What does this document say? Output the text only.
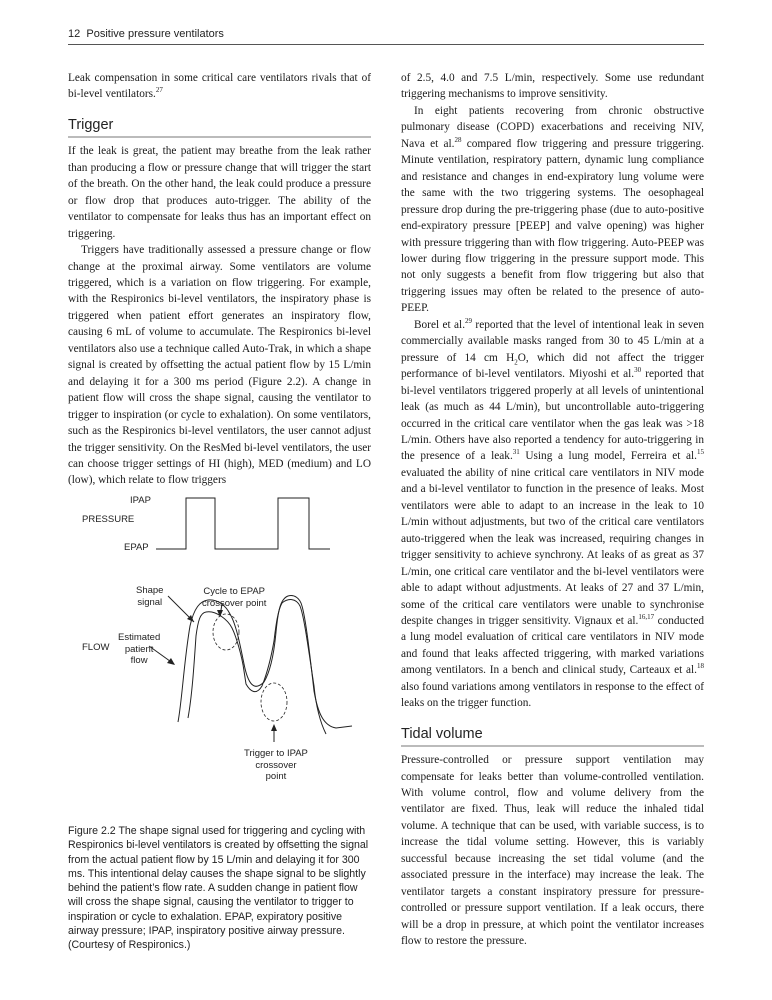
12 Positive pressure ventilators

Leak compensation in some critical care ventilators rivals that of bi-level ventilators.$^{27}$

Trigger

If the leak is great, the patient may breathe from the leak rather than producing a flow or pressure change that will trigger the start of the breath. On the other hand, the leak could produce a pressure or flow drop that produces auto-trigger. The ability of the ventilator to compensate for leaks thus has an important effect on triggering.

Triggers have traditionally assessed a pressure change or flow change at the proximal airway. Some ventilators are volume triggered, which is a variation on flow triggering. For example, with the Respironics bi-level ventilators, the inspiratory phase is triggered when patient effort generates an inspiratory flow, causing 6 mL of volume to accumulate. The Respironics bi-level ventilators also use a technique called Auto-Trak, in which a shape signal is created by offsetting the actual patient flow by 15 L/min and delaying it for a 300 ms period (Figure 2.2). A change in patient flow will cross the shape signal, causing the ventilator to trigger to inspiration (or cycle to exhalation). On some ventilators, such as the Respironics bi-level ventilators, the user cannot adjust the trigger sensitivity. On the ResMed bi-level ventilators, the user can choose trigger settings of HI (high), MED (medium) and LO (low), which relate to flow triggers

IPAP
PRESSURE
EPAP
Shape
signal
Cycle to EPAP
crossover point
Estimated
patient
flow
FLOW
Trigger to IPAP
crossover
point
Figure 2.2 The shape signal used for triggering and cycling with Respironics bi-level ventilators is created by offsetting the signal from the actual patient flow by 15 L/min and delaying it for 300 ms. This intentional delay causes the shape signal to be slightly behind the patient’s flow rate. A sudden change in patient flow will cross the shape signal, causing the ventilator to trigger to inspiration or cycle to exhalation. EPAP, expiratory positive airway pressure; IPAP, inspiratory positive airway pressure. (Courtesy of Respironics.)

of 2.5, 4.0 and 7.5 L/min, respectively. Some use redundant triggering mechanisms to improve sensitivity.

In eight patients recovering from chronic obstructive pulmonary disease (COPD) exacerbations and receiving NIV, Nava et al.$^{28}$ compared flow triggering and pressure triggering. Minute ventilation, respiratory pattern, dynamic lung compliance and resistance and changes in end-expiratory lung volume were the same with the two triggering systems. The oesophageal pressure drop during the pre-triggering phase (due to auto-positive end-expiratory pressure [PEEP] and valve opening) was higher with pressure triggering than with flow triggering. Auto-PEEP was lower during flow triggering in the pressure support mode. This not only suggests a benefit from flow triggering but also that triggering issues may often be related to the presence of auto-PEEP.

Borel et al.$^{29}$ reported that the level of intentional leak in seven commercially available masks ranged from 30 to 45 L/min at a pressure of 14 cm $H_2O$, which did not affect the trigger performance of bi-level ventilators. Miyoshi et al.$^{30}$ reported that bi-level ventilators triggered properly at all levels of unintentional leak (as much as 44 L/min), but uncontrollable auto-triggering occurred in the critical care ventilator when the gas leak was >18 L/min. Others have also reported a tendency for auto-triggering in the presence of a leak.$^{31}$ Using a lung model, Ferreira et al.$^{15}$ evaluated the ability of nine critical care ventilators in NIV mode and a bi-level ventilator to function in the presence of leaks. Most ventilators were able to adapt to an increase in the leak to 10 L/min without adjustments, but two of the critical care ventilators auto-triggered when the leak was increased, requiring changes in trigger sensitivity to achieve synchrony. At leaks of as great as 37 L/min, one critical care ventilator and the bi-level ventilators were able to adapt without adjustments. At leaks of 27 and 37 L/min, some of the critical care ventilators were unable to synchronise despite changes in trigger sensitivity. Vignaux et al.$^{16,17}$ conducted a lung model evaluation of critical care ventilators in NIV mode and found that leaks affected triggering, with marked variations among ventilators. In a bench and clinical study, Carteaux et al.$^{18}$ also found variations among ventilators in response to the effect of leaks on the trigger function.

Tidal volume

Pressure-controlled or pressure support ventilation may compensate for leaks better than volume-controlled ventilation. With volume control, flow and volume delivery from the ventilator are fixed. Thus, leak will reduce the inhaled tidal volume. A technique that can be used, with variable success, is to increase the tidal volume setting. However, this is variably successful because increasing the set tidal volume (and the associated pressure in the interface) may increase the leak. The ventilator targets a constant inspiratory pressure for pressure-controlled or pressure support ventilation. If a leak occurs, there will be a drop in pressure, at which point the ventilator increases flow to restore the pressure.
